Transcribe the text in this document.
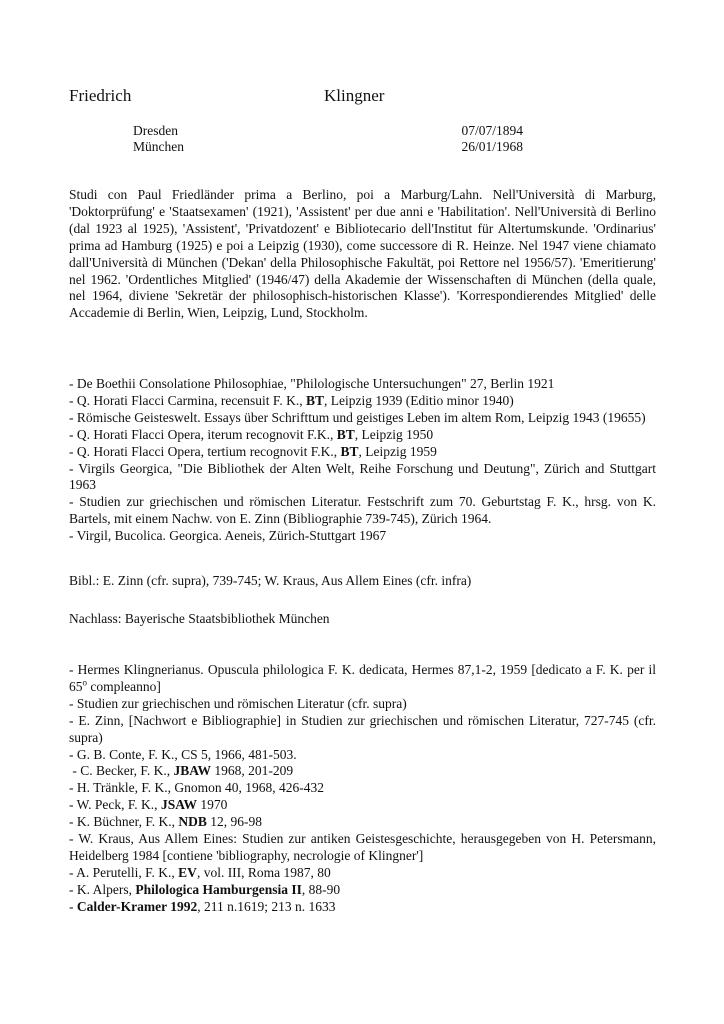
Friedrich	Klingner
Dresden	07/07/1894
München	26/01/1968
Studi con Paul Friedländer prima a Berlino, poi a Marburg/Lahn. Nell'Università di Marburg, 'Doktorprüfung' e 'Staatsexamen' (1921), 'Assistent' per due anni e 'Habilitation'. Nell'Università di Berlino (dal 1923 al 1925), 'Assistent', 'Privatdozent' e Bibliotecario dell'Institut für Altertumskunde. 'Ordinarius' prima ad Hamburg (1925) e poi a Leipzig (1930), come successore di R. Heinze. Nel 1947 viene chiamato dall'Università di München ('Dekan' della Philosophische Fakultät, poi Rettore nel 1956/57). 'Emeritierung' nel 1962. 'Ordentliches Mitglied' (1946/47) della Akademie der Wissenschaften di München (della quale, nel 1964, diviene 'Sekretär der philosophisch-historischen Klasse'). 'Korrespondierendes Mitglied' delle Accademie di Berlin, Wien, Leipzig, Lund, Stockholm.

- De Boethii Consolatione Philosophiae, "Philologische Untersuchungen" 27, Berlin 1921

- Q. Horati Flacci Carmina, recensuit F. K., BT, Leipzig 1939 (Editio minor 1940)

- Römische Geisteswelt. Essays über Schrifttum und geistiges Leben im altem Rom, Leipzig 1943 (19655)

- Q. Horati Flacci Opera, iterum recognovit F.K., BT, Leipzig 1950

- Q. Horati Flacci Opera, tertium recognovit F.K., BT, Leipzig 1959

- Virgils Georgica, "Die Bibliothek der Alten Welt, Reihe Forschung und Deutung", Zürich and Stuttgart 1963

- Studien zur griechischen und römischen Literatur. Festschrift zum 70. Geburtstag F. K., hrsg. von K. Bartels, mit einem Nachw. von E. Zinn (Bibliographie 739-745), Zürich 1964.

- Virgil, Bucolica. Georgica. Aeneis, Zürich-Stuttgart 1967

Bibl.: E. Zinn (cfr. supra), 739-745; W. Kraus, Aus Allem Eines (cfr. infra)
Nachlass: Bayerische Staatsbibliothek München

- Hermes Klingnerianus. Opuscula philologica F. K. dedicata, Hermes 87,1-2, 1959 [dedicato a F. K. per il 65$^o$ compleanno]

- Studien zur griechischen und römischen Literatur (cfr. supra)

- E. Zinn, [Nachwort e Bibliographie] in Studien zur griechischen und römischen Literatur, 727-745 (cfr. supra)

- G. B. Conte, F. K., CS 5, 1966, 481-503.

- C. Becker, F. K., JBAW 1968, 201-209

- H. Tränkle, F. K., Gnomon 40, 1968, 426-432

- W. Peck, F. K., JSAW 1970

- K. Büchner, F. K., NDB 12, 96-98

- W. Kraus, Aus Allem Eines: Studien zur antiken Geistesgeschichte, herausgegeben von H. Petersmann, Heidelberg 1984 [contiene 'bibliography, necrologie of Klingner']

- A. Perutelli, F. K., EV, vol. III, Roma 1987, 80

- K. Alpers, Philologica Hamburgensia II, 88-90

- Calder-Kramer 1992, 211 n.1619; 213 n. 1633
